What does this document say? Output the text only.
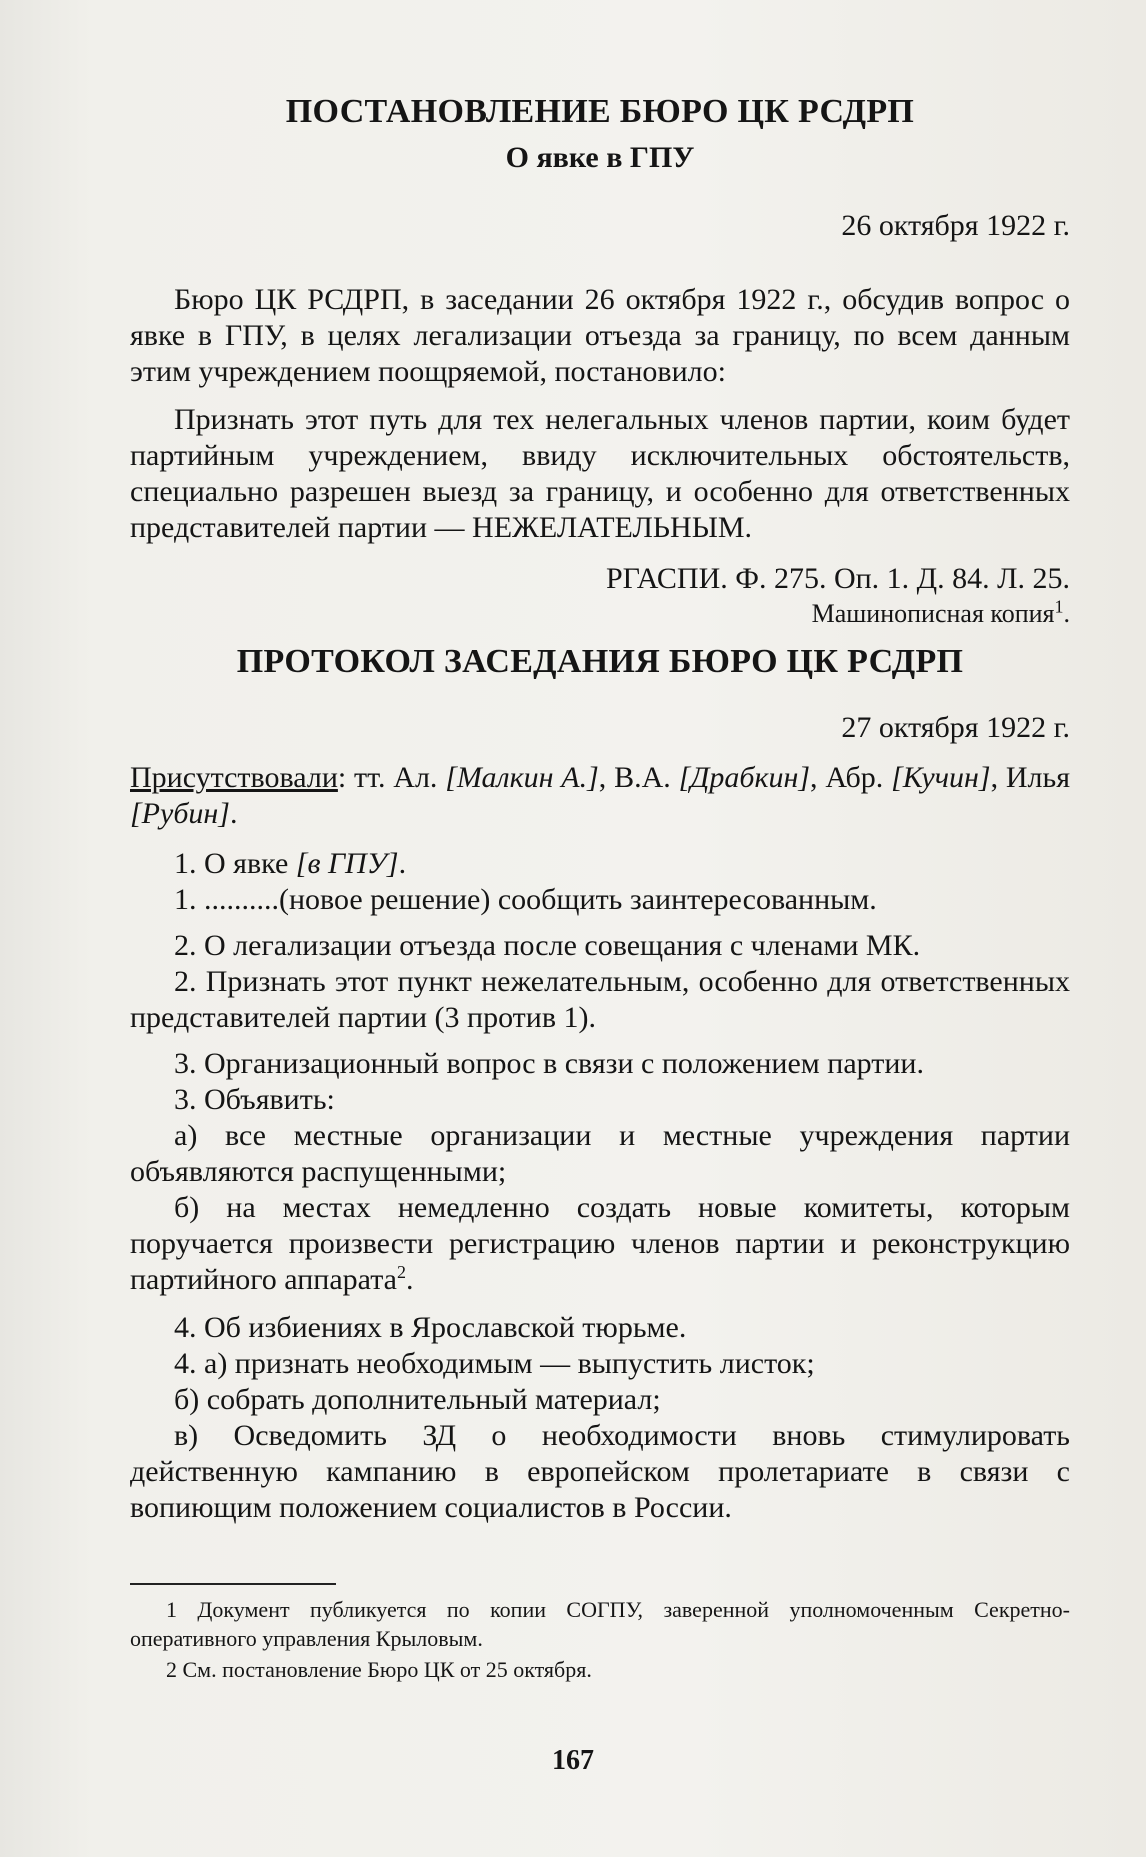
ПОСТАНОВЛЕНИЕ БЮРО ЦК РСДРП
О явке в ГПУ
26 октября 1922 г.

Бюро ЦК РСДРП, в заседании 26 октября 1922 г., обсудив вопрос о явке в ГПУ, в целях легализации отъезда за границу, по всем данным этим учреждением поощряемой, постановило:

Признать этот путь для тех нелегальных членов партии, коим будет партийным учреждением, ввиду исключительных обстоятельств, специально разрешен выезд за границу, и особенно для ответственных представителей партии — НЕЖЕЛАТЕЛЬНЫМ.

РГАСПИ. Ф. 275. Оп. 1. Д. 84. Л. 25.
Машинописная копия$^1$.
ПРОТОКОЛ ЗАСЕДАНИЯ БЮРО ЦК РСДРП
27 октября 1922 г.

Присутствовали: тт. Ал. [Малкин А.], В.А. [Драбкин], Абр. [Кучин], Илья [Рубин].

1. О явке [в ГПУ].

1. ..........(новое решение) сообщить заинтересованным.

2. О легализации отъезда после совещания с членами МК.

2. Признать этот пункт нежелательным, особенно для ответственных представителей партии (3 против 1).

3. Организационный вопрос в связи с положением партии.

3. Объявить:

а) все местные организации и местные учреждения партии объявляются распущенными;

б) на местах немедленно создать новые комитеты, которым поручается произвести регистрацию членов партии и реконструкцию партийного аппарата$^2$.

4. Об избиениях в Ярославской тюрьме.

4. а) признать необходимым — выпустить листок;

б) собрать дополнительный материал;

в) Осведомить ЗД о необходимости вновь стимулировать действенную кампанию в европейском пролетариате в связи с вопиющим положением социалистов в России.

1 Документ публикуется по копии СОГПУ, заверенной уполномоченным Секретно-оперативного управления Крыловым.

2 См. постановление Бюро ЦК от 25 октября.

167
